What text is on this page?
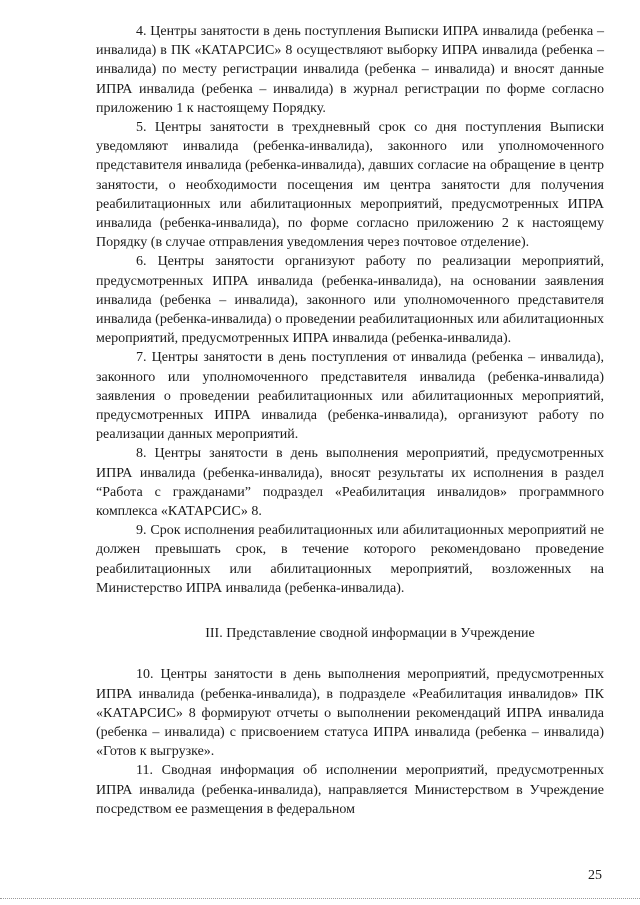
4. Центры занятости в день поступления Выписки ИПРА инвалида (ребенка – инвалида) в ПК «КАТАРСИС» 8 осуществляют выборку ИПРА инвалида (ребенка – инвалида) по месту регистрации инвалида (ребенка – инвалида) и вносят данные ИПРА инвалида (ребенка – инвалида) в журнал регистрации по форме согласно приложению 1 к настоящему Порядку.

5. Центры занятости в трехдневный срок со дня поступления Выписки уведомляют инвалида (ребенка-инвалида), законного или уполномоченного представителя инвалида (ребенка-инвалида), давших согласие на обращение в центр занятости, о необходимости посещения им центра занятости для получения реабилитационных или абилитационных мероприятий, предусмотренных ИПРА инвалида (ребенка-инвалида), по форме согласно приложению 2 к настоящему Порядку (в случае отправления уведомления через почтовое отделение).

6. Центры занятости организуют работу по реализации мероприятий, предусмотренных ИПРА инвалида (ребенка-инвалида), на основании заявления инвалида (ребенка – инвалида), законного или уполномоченного представителя инвалида (ребенка-инвалида) о проведении реабилитационных или абилитационных мероприятий, предусмотренных ИПРА инвалида (ребенка-инвалида).

7. Центры занятости в день поступления от инвалида (ребенка – инвалида), законного или уполномоченного представителя инвалида (ребенка-инвалида) заявления о проведении реабилитационных или абилитационных мероприятий, предусмотренных ИПРА инвалида (ребенка-инвалида), организуют работу по реализации данных мероприятий.

8. Центры занятости в день выполнения мероприятий, предусмотренных ИПРА инвалида (ребенка-инвалида), вносят результаты их исполнения в раздел “Работа с гражданами” подраздел «Реабилитация инвалидов» программного комплекса «КАТАРСИС» 8.

9. Срок исполнения реабилитационных или абилитационных мероприятий не должен превышать срок, в течение которого рекомендовано проведение реабилитационных или абилитационных мероприятий, возложенных на Министерство ИПРА инвалида (ребенка-инвалида).

III. Представление сводной информации в Учреждение

10. Центры занятости в день выполнения мероприятий, предусмотренных ИПРА инвалида (ребенка-инвалида), в подразделе «Реабилитация инвалидов» ПК «КАТАРСИС» 8 формируют отчеты о выполнении рекомендаций ИПРА инвалида (ребенка – инвалида) с присвоением статуса ИПРА инвалида (ребенка – инвалида) «Готов к выгрузке».

11. Сводная информация об исполнении мероприятий, предусмотренных ИПРА инвалида (ребенка-инвалида), направляется Министерством в Учреждение посредством ее размещения в федеральном

25
